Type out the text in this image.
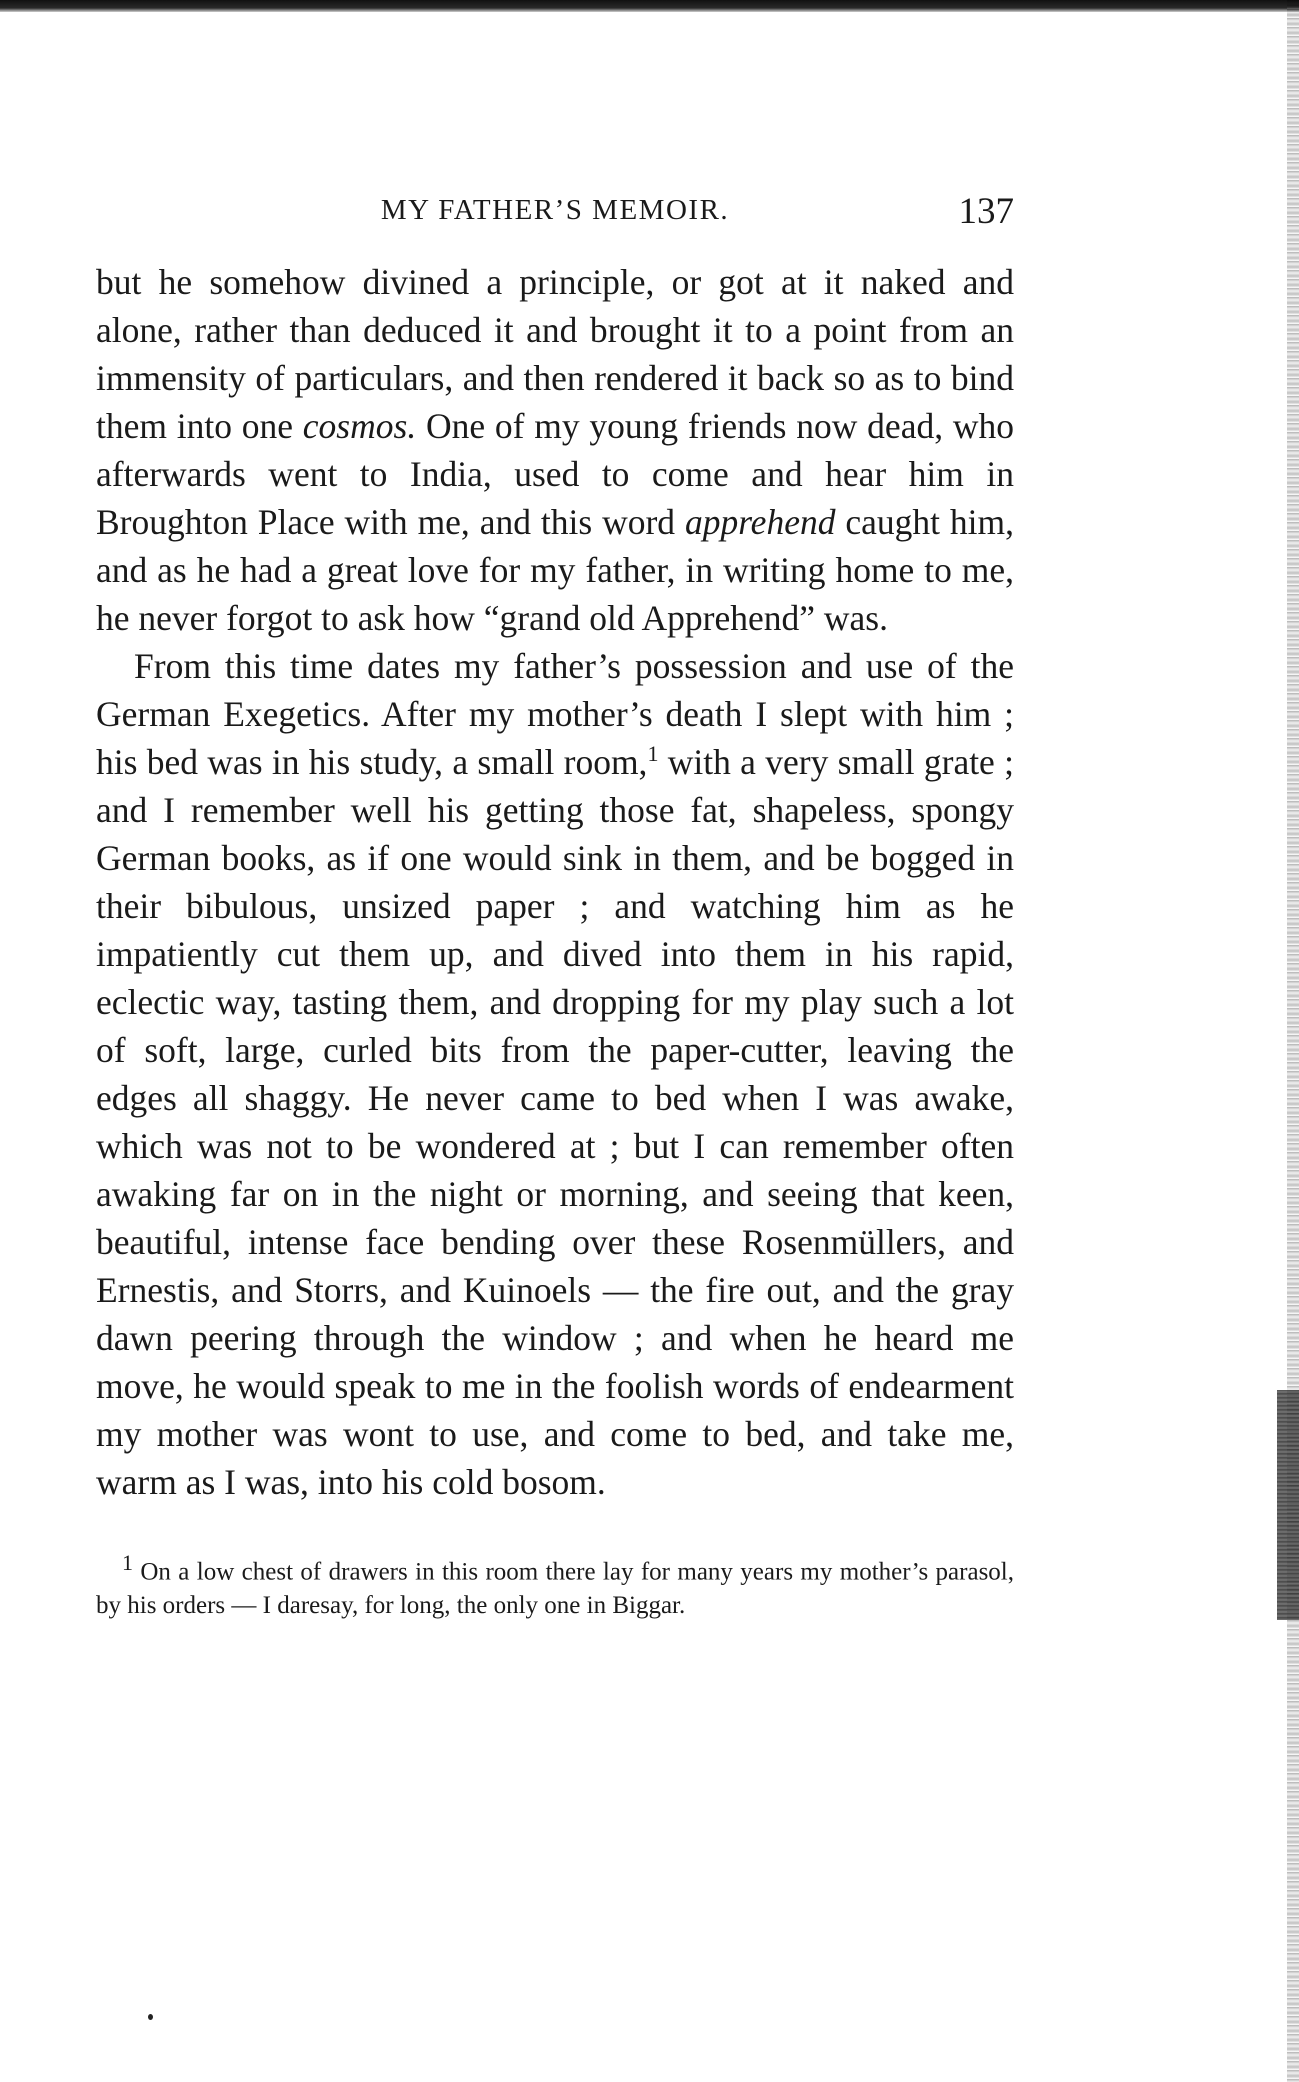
MY FATHER’S MEMOIR.	137

but he somehow divined a principle, or got at it naked and alone, rather than deduced it and brought it to a point from an immensity of particulars, and then rendered it back so as to bind them into one cosmos. One of my young friends now dead, who afterwards went to India, used to come and hear him in Broughton Place with me, and this word apprehend caught him, and as he had a great love for my father, in writing home to me, he never forgot to ask how “grand old Apprehend” was.

From this time dates my father’s possession and use of the German Exegetics. After my mother’s death I slept with him ; his bed was in his study, a small room,$^1$ with a very small grate ; and I remember well his getting those fat, shapeless, spongy German books, as if one would sink in them, and be bogged in their bibulous, unsized paper ; and watching him as he impatiently cut them up, and dived into them in his rapid, eclectic way, tasting them, and dropping for my play such a lot of soft, large, curled bits from the paper-cutter, leaving the edges all shaggy. He never came to bed when I was awake, which was not to be wondered at ; but I can remember often awaking far on in the night or morning, and seeing that keen, beautiful, intense face bending over these Rosenmüllers, and Ernestis, and Storrs, and Kuinoels — the fire out, and the gray dawn peering through the window ; and when he heard me move, he would speak to me in the foolish words of endearment my mother was wont to use, and come to bed, and take me, warm as I was, into his cold bosom.

$^1$ On a low chest of drawers in this room there lay for many years my mother’s parasol, by his orders — I daresay, for long, the only one in Biggar.
